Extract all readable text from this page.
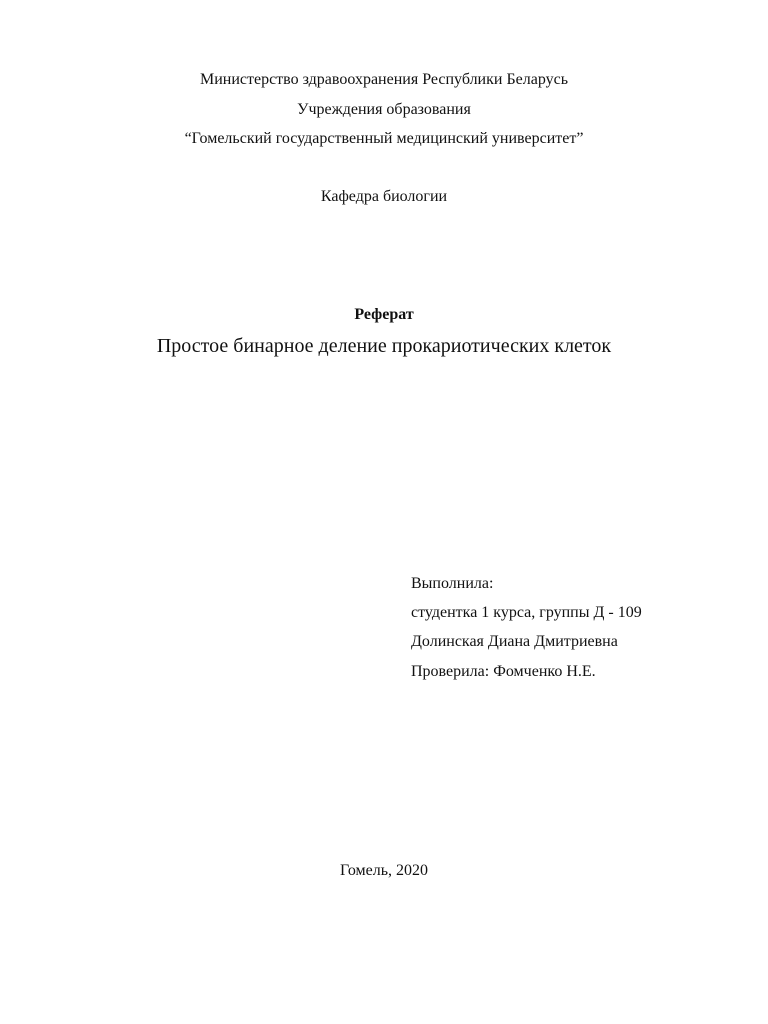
Министерство здравоохранения Республики Беларусь
Учреждения образования
“Гомельский государственный медицинский университет”
Кафедра биологии
Реферат
Простое бинарное деление прокариотических клеток
Выполнила:
студентка 1 курса, группы Д - 109
Долинская Диана Дмитриевна
Проверила: Фомченко Н.Е.
Гомель, 2020
